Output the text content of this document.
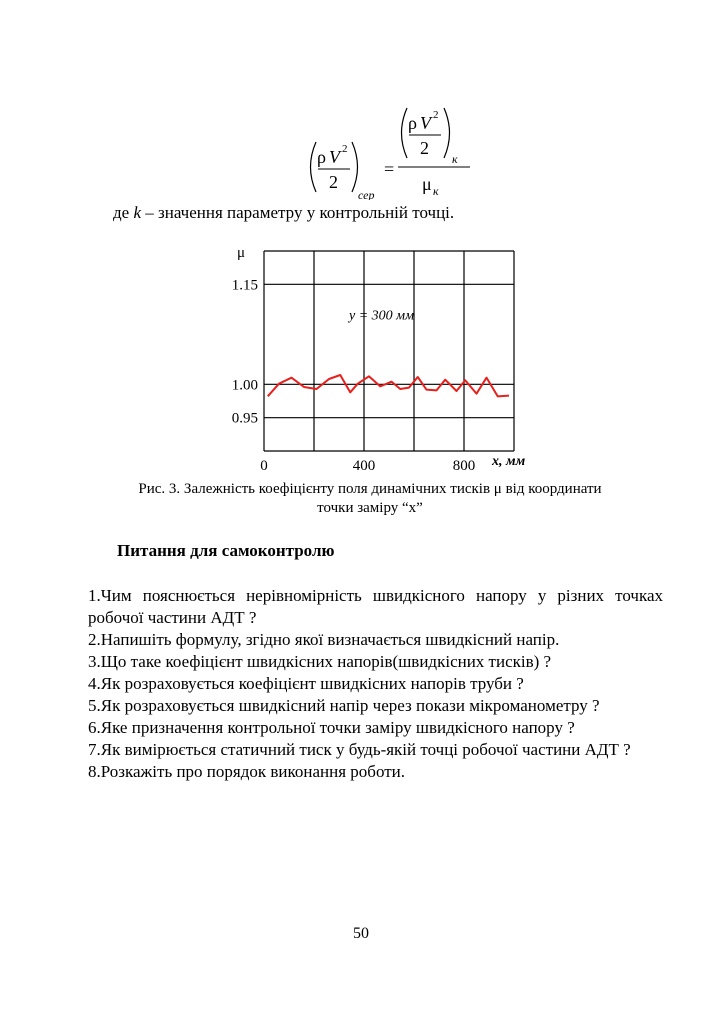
ρ V 2
2
сер
=
ρ V 2
2
к
μ к
де k – значення параметру у контрольній точці.
1.15
1.00
0.95
0	400	800
μ
x, мм
y = 300 мм
Рис. 3. Залежність коефіцієнту поля динамічних тисків μ від координати
точки заміру “x”
Питання для самоконтролю
1.Чим пояснюється нерівномірність швидкісного напору у різних точках робочої частини АДТ ?
2.Напишіть формулу, згідно якої визначається швидкісний напір.
3.Що таке коефіцієнт швидкісних напорів(швидкісних тисків) ?
4.Як розраховується коефіцієнт швидкісних напорів труби ?
5.Як розраховується швидкісний напір через покази мікроманометру ?
6.Яке призначення контрольної точки заміру швидкісного напору ?
7.Як вимірюється статичний тиск у будь-якій точці робочої частини АДТ ?
8.Розкажіть про порядок виконання роботи.
50
